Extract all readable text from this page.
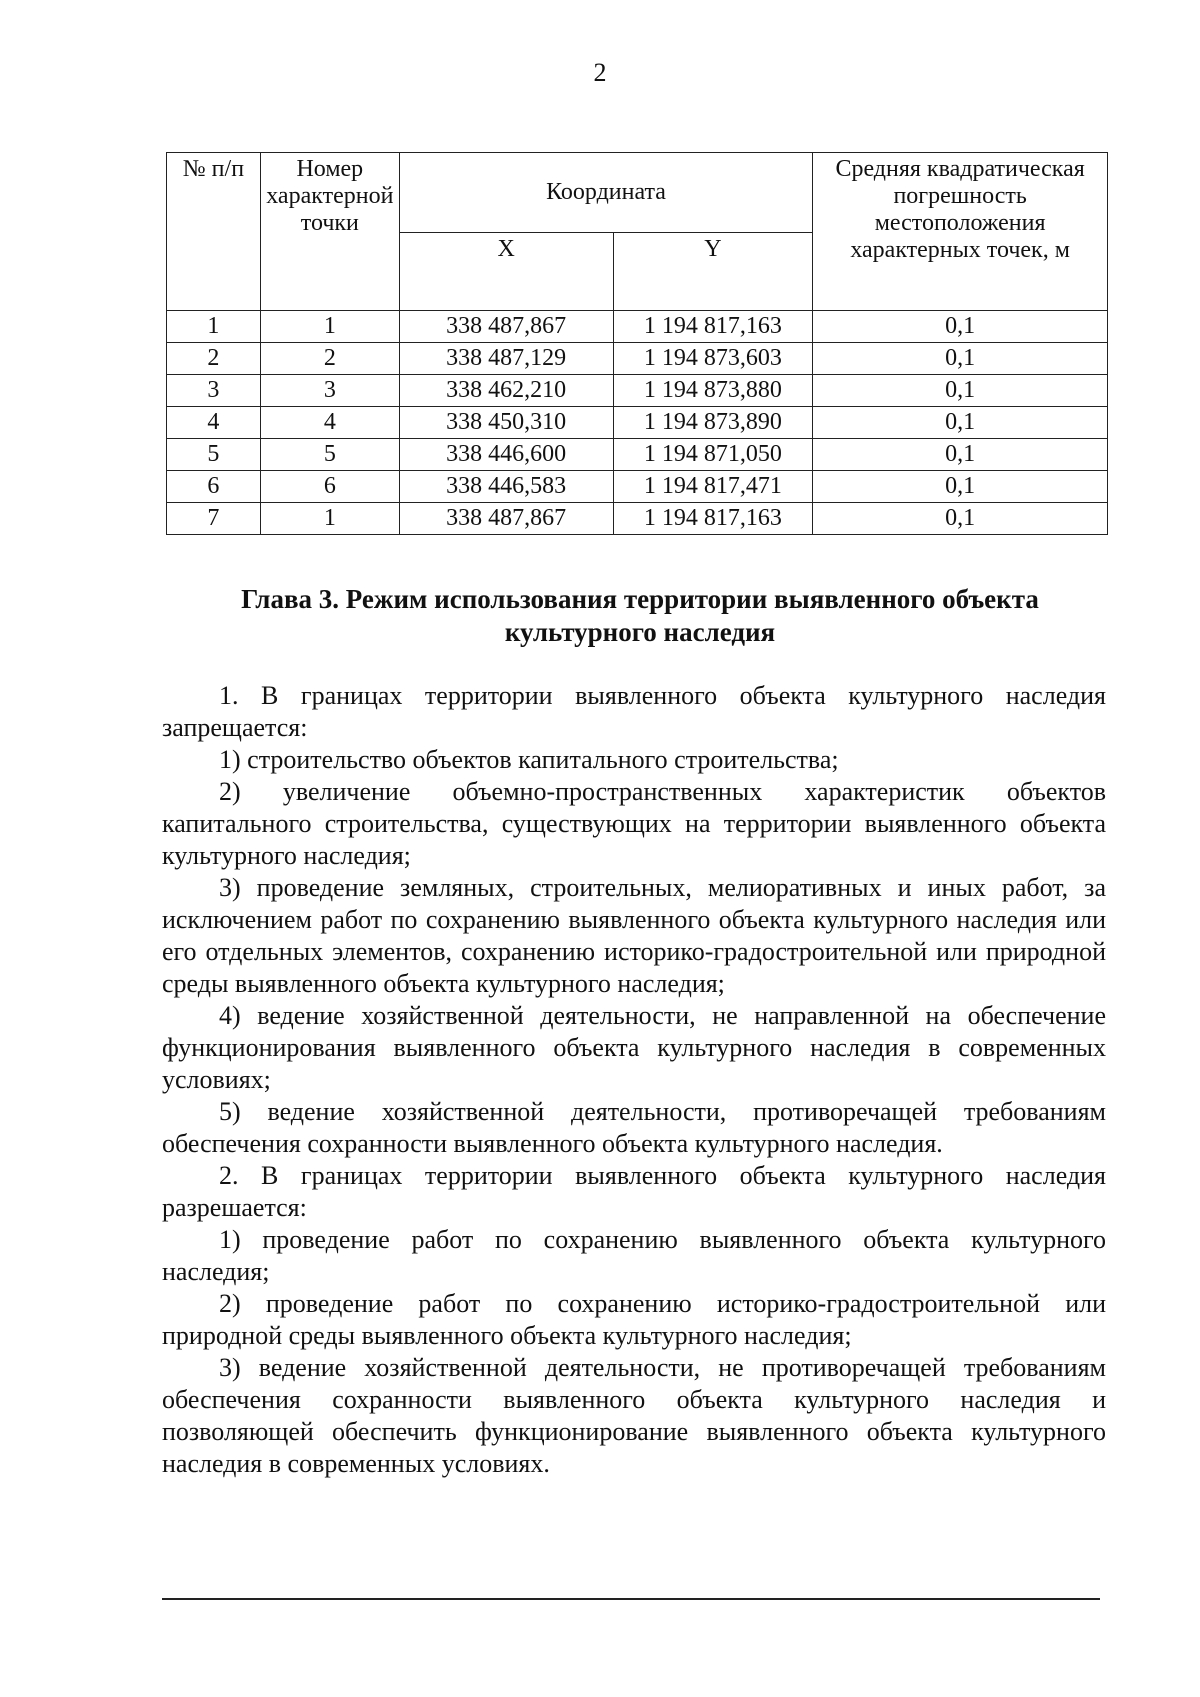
2
№ п/п	Номер характерной точки	Координата		Средняя квадратическая погрешность местоположения характерных точек, м
		X	Y	
1	1	338 487,867	1 194 817,163	0,1
2	2	338 487,129	1 194 873,603	0,1
3	3	338 462,210	1 194 873,880	0,1
4	4	338 450,310	1 194 873,890	0,1
5	5	338 446,600	1 194 871,050	0,1
6	6	338 446,583	1 194 817,471	0,1
7	1	338 487,867	1 194 817,163	0,1
Глава 3. Режим использования территории выявленного объекта
культурного наследия

1. В границах территории выявленного объекта культурного наследия запрещается:

1) строительство объектов капитального строительства;

2) увеличение объемно-пространственных характеристик объектов капитального строительства, существующих на территории выявленного объекта культурного наследия;

3) проведение земляных, строительных, мелиоративных и иных работ, за исключением работ по сохранению выявленного объекта культурного наследия или его отдельных элементов, сохранению историко-градостроительной или природной среды выявленного объекта культурного наследия;

4) ведение хозяйственной деятельности, не направленной на обеспечение функционирования выявленного объекта культурного наследия в современных условиях;

5) ведение хозяйственной деятельности, противоречащей требованиям обеспечения сохранности выявленного объекта культурного наследия.

2. В границах территории выявленного объекта культурного наследия разрешается:

1) проведение работ по сохранению выявленного объекта культурного наследия;

2) проведение работ по сохранению историко-градостроительной или природной среды выявленного объекта культурного наследия;

3) ведение хозяйственной деятельности, не противоречащей требованиям обеспечения сохранности выявленного объекта культурного наследия и позволяющей обеспечить функционирование выявленного объекта культурного наследия в современных условиях.
